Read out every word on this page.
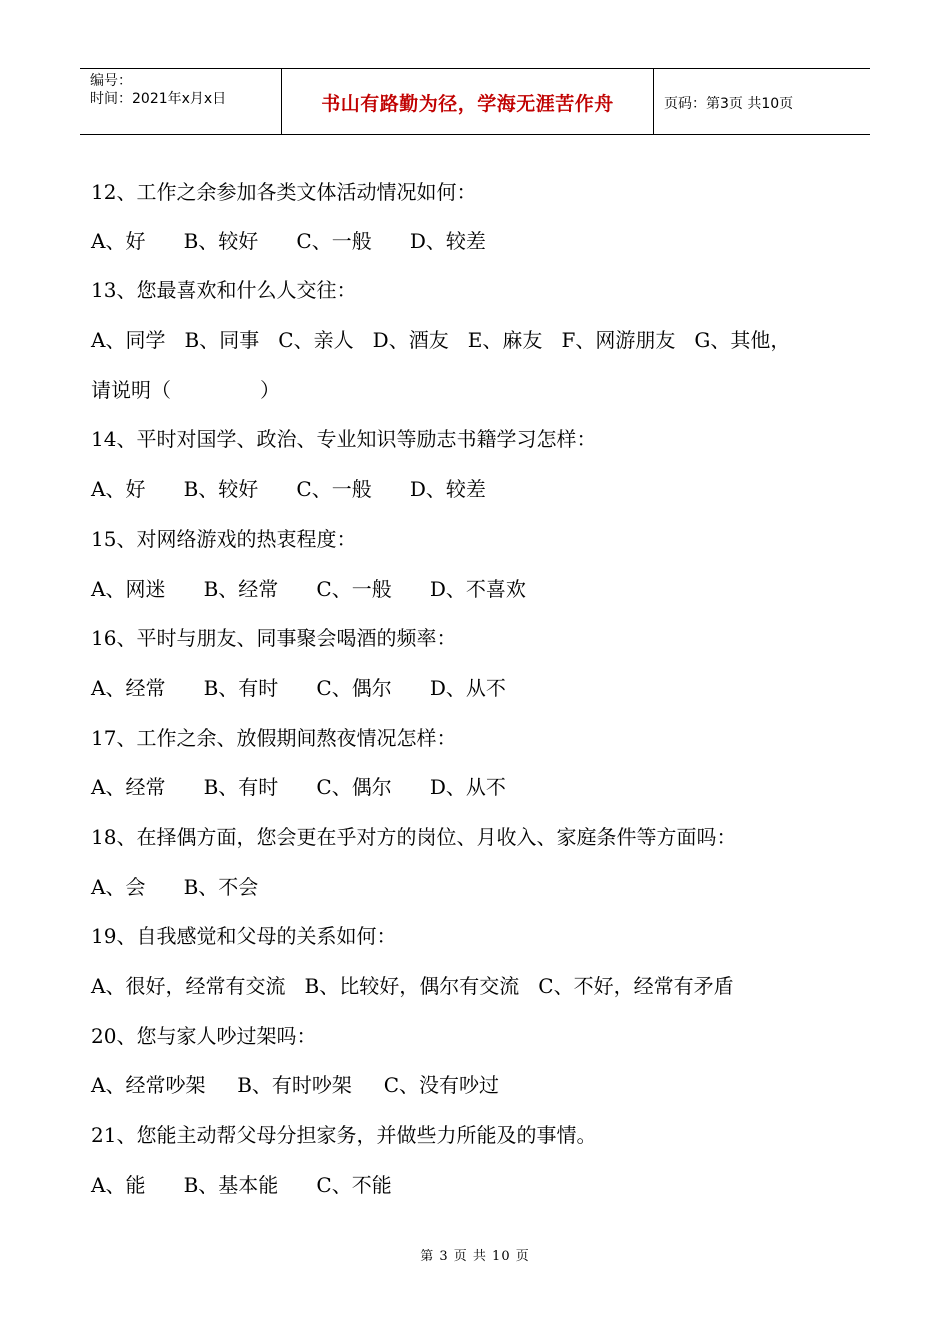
编号：
时间：2021年x月x日	书山有路勤为径，学海无涯苦作舟	页码：第3页 共10页

12、工作之余参加各类文体活动情况如何：

A、好      B、较好      C、一般      D、较差

13、您最喜欢和什么人交往：

A、同学   B、同事   C、亲人   D、酒友   E、麻友   F、网游朋友   G、其他，

请说明（              ）

14、平时对国学、政治、专业知识等励志书籍学习怎样：

A、好      B、较好      C、一般      D、较差

15、对网络游戏的热衷程度：

A、网迷      B、经常      C、一般      D、不喜欢

16、平时与朋友、同事聚会喝酒的频率：

A、经常      B、有时      C、偶尔      D、从不

17、工作之余、放假期间熬夜情况怎样：

A、经常      B、有时      C、偶尔      D、从不

18、在择偶方面，您会更在乎对方的岗位、月收入、家庭条件等方面吗：

A、会      B、不会

19、自我感觉和父母的关系如何：

A、很好，经常有交流   B、比较好，偶尔有交流   C、不好，经常有矛盾

20、您与家人吵过架吗：

A、经常吵架     B、有时吵架     C、没有吵过

21、您能主动帮父母分担家务，并做些力所能及的事情。

A、能      B、基本能      C、不能

第 3 页 共 10 页
